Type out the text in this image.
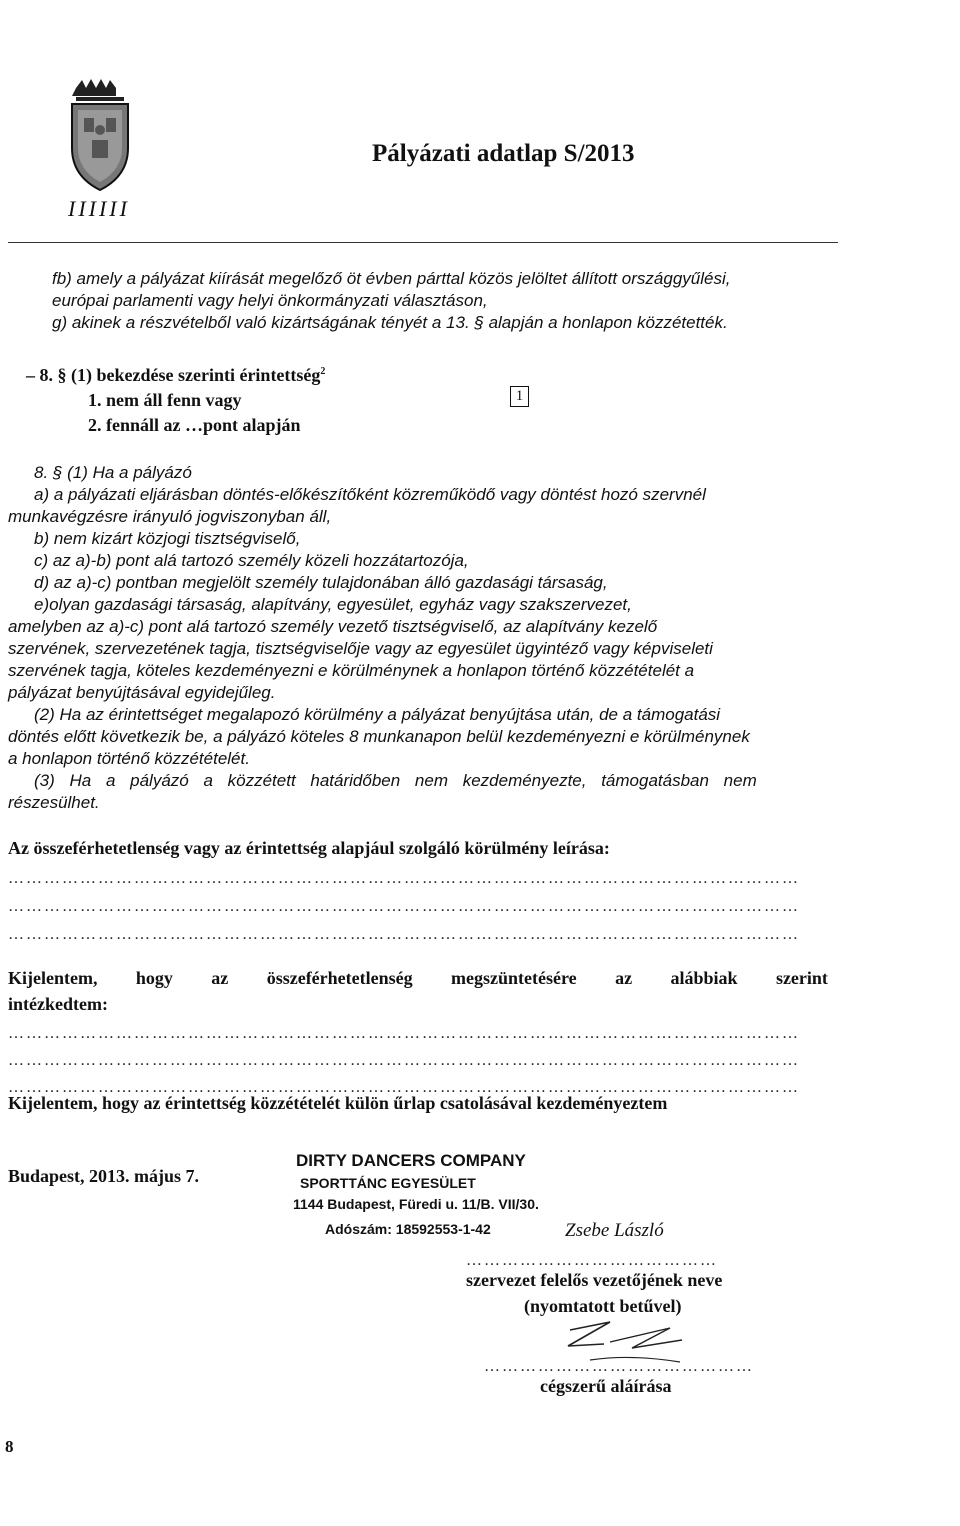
IIIIII
Pályázati adatlap S/2013
fb) amely a pályázat kiírását megelőző öt évben párttal közös jelöltet állított országgyűlési,
európai parlamenti vagy helyi önkormányzati választáson,
g) akinek a részvételből való kizártságának tényét a 13. § alapján a honlapon közzétették.
– 8. § (1) bekezdése szerinti érintettség$^2$
1. nem áll fenn vagy
2. fennáll az …pont alapján
1
8. § (1) Ha a pályázó
a) a pályázati eljárásban döntés-előkészítőként közreműködő vagy döntést hozó szervnél
munkavégzésre irányuló jogviszonyban áll,
b) nem kizárt közjogi tisztségviselő,
c) az a)-b) pont alá tartozó személy közeli hozzátartozója,
d) az a)-c) pontban megjelölt személy tulajdonában álló gazdasági társaság,
e)olyan gazdasági társaság, alapítvány, egyesület, egyház vagy szakszervezet,
amelyben az a)-c) pont alá tartozó személy vezető tisztségviselő, az alapítvány kezelő
szervének, szervezetének tagja, tisztségviselője vagy az egyesület ügyintéző vagy képviseleti
szervének tagja, köteles kezdeményezni e körülménynek a honlapon történő közzétételét a
pályázat benyújtásával egyidejűleg.
(2) Ha az érintettséget megalapozó körülmény a pályázat benyújtása után, de a támogatási
döntés előtt következik be, a pályázó köteles 8 munkanapon belül kezdeményezni e körülménynek
a honlapon történő közzétételét.
(3) Ha a pályázó a közzétett határidőben nem kezdeményezte, támogatásban nem
részesülhet.
Az összeférhetetlenség vagy az érintettség alapjául szolgáló körülmény leírása:
……………………………………………………………………………………………………………………
……………………………………………………………………………………………………………………
……………………………………………………………………………………………………………………
Kijelentem, hogy az összeférhetetlenség megszüntetésére az alábbiak szerint
intézkedtem:
……………………………………………………………………………………………………………………
……………………………………………………………………………………………………………………
……………………………………………………………………………………………………………………
Kijelentem, hogy az érintettség közzétételét külön űrlap csatolásával kezdeményeztem
Budapest, 2013. május 7.
DIRTY DANCERS COMPANY
SPORTTÁNC EGYESÜLET
1144 Budapest, Füredi u. 11/B. VII/30.
Adószám: 18592553-1-42	Zsebe László
……………………………………
szervezet felelős vezetőjének neve
(nyomtatott betűvel)
………………………………………
cégszerű aláírása
8
